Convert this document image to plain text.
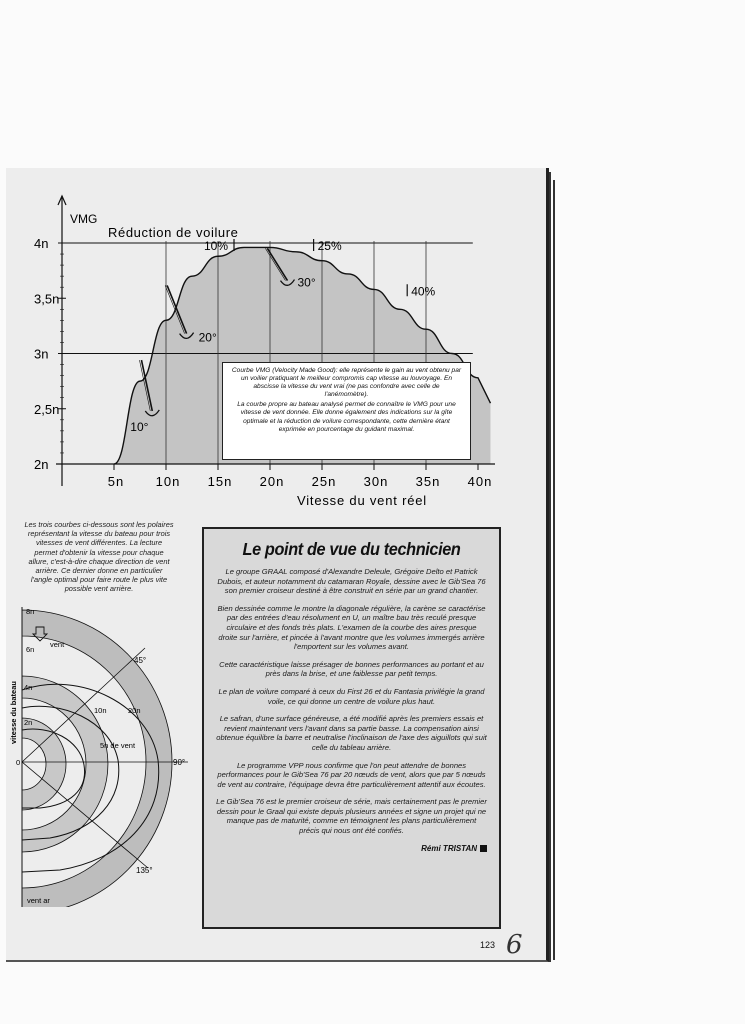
4n
3,5n
3n
2,5n
2n
5n 10n 15n 20n 25n 30n 35n 40n
10%	25%
40%
10°
20°
30°
VMG
Réduction de voilure
Vitesse du vent réel

Courbe VMG (Velocity Made Good): elle représente le gain au vent obtenu par un voilier pratiquant le meilleur compromis cap vitesse au louvoyage. En abscisse la vitesse du vent vrai (ne pas confondre avec celle de l'anémomètre).

La courbe propre au bateau analysé permet de connaître le VMG pour une vitesse de vent donnée. Elle donne également des indications sur la gîte optimale et la réduction de voilure correspondante, cette dernière étant exprimée en pourcentage du guidant maximal.

Les trois courbes ci-dessous sont les polaires représentant la vitesse du bateau pour trois vitesses de vent différentes. La lecture permet d'obtenir la vitesse pour chaque allure, c'est-à-dire chaque direction de vent arrière. Ce dernier donne en particulier l'angle optimal pour faire route le plus vite possible vent arrière.
vitesse du bateau
8n
6n
4n
2n
0
45°
90°
135°
vent
10n	20n
5n de vent
vent ar
Le point de vue du technicien

Le groupe GRAAL composé d'Alexandre Deleule, Grégoire Delto et Patrick Dubois, et auteur notamment du catamaran Royale, dessine avec le Gib'Sea 76 son premier croiseur destiné à être construit en série par un grand chantier.

Bien dessinée comme le montre la diagonale régulière, la carène se caractérise par des entrées d'eau résolument en U, un maître bau très reculé presque circulaire et des fonds très plats. L'examen de la courbe des aires presque droite sur l'arrière, et pincée à l'avant montre que les volumes immergés arrière l'emportent sur les volumes avant.

Cette caractéristique laisse présager de bonnes performances au portant et au près dans la brise, et une faiblesse par petit temps.

Le plan de voilure comparé à ceux du First 26 et du Fantasia privilégie la grand voile, ce qui donne un centre de voilure plus haut.

Le safran, d'une surface généreuse, a été modifié après les premiers essais et revient maintenant vers l'avant dans sa partie basse. La compensation ainsi obtenue équilibre la barre et neutralise l'inclinaison de l'axe des aiguillots qui suit celle du tableau arrière.

Le programme VPP nous confirme que l'on peut attendre de bonnes performances pour le Gib'Sea 76 par 20 nœuds de vent, alors que par 5 nœuds de vent au contraire, l'équipage devra être particulièrement attentif aux écoutes.

Le Gib'Sea 76 est le premier croiseur de série, mais certainement pas le premier dessin pour le Graal qui existe depuis plusieurs années et signe un projet qui ne manque pas de maturité, comme en témoignent les plans particulièrement précis qui nous ont été confiés.

Rémi TRISTAN
123 6
